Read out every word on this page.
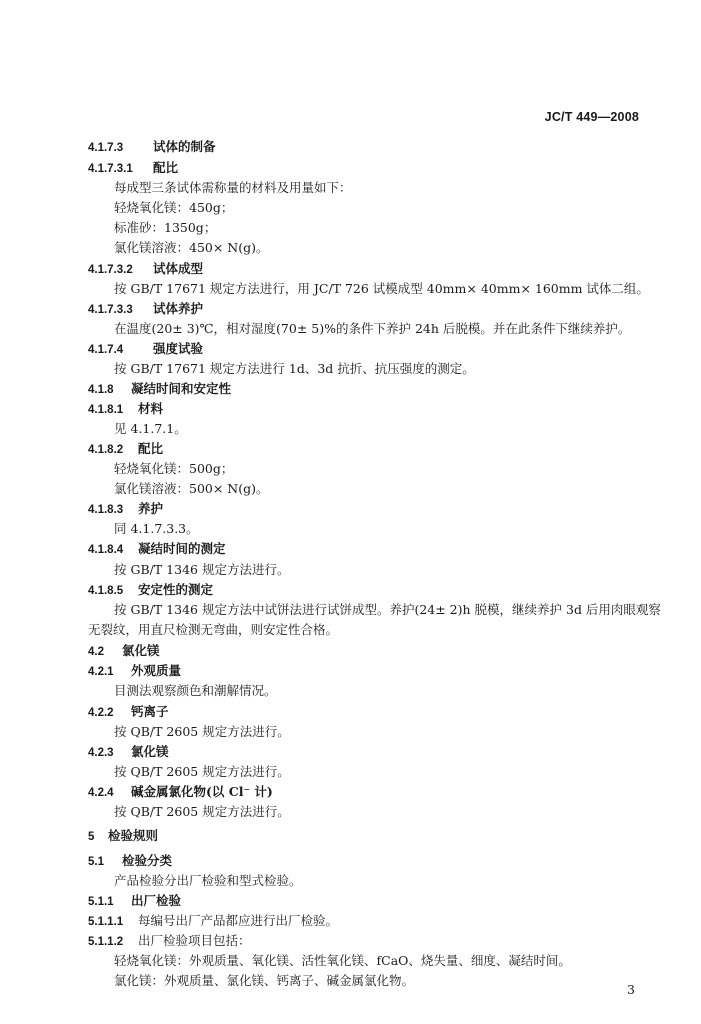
JC/T 449—2008
4.1.7.3 试体的制备
4.1.7.3.1 配比
每成型三条试体需称量的材料及用量如下：
轻烧氧化镁：450g；
标准砂：1350g；
氯化镁溶液：450× N(g)。
4.1.7.3.2 试体成型
按 GB/T 17671 规定方法进行，用 JC/T 726 试模成型 40mm× 40mm× 160mm 试体二组。
4.1.7.3.3 试体养护
在温度(20± 3)℃，相对湿度(70± 5)%的条件下养护 24h 后脱模。并在此条件下继续养护。
4.1.7.4 强度试验
按 GB/T 17671 规定方法进行 1d、3d 抗折、抗压强度的测定。
4.1.8 凝结时间和安定性
4.1.8.1 材料
见 4.1.7.1。
4.1.8.2 配比
轻烧氧化镁：500g；
氯化镁溶液：500× N(g)。
4.1.8.3 养护
同 4.1.7.3.3。
4.1.8.4 凝结时间的测定
按 GB/T 1346 规定方法进行。
4.1.8.5 安定性的测定
按 GB/T 1346 规定方法中试饼法进行试饼成型。养护(24± 2)h 脱模，继续养护 3d 后用肉眼观察
无裂纹，用直尺检测无弯曲，则安定性合格。
4.2 氯化镁
4.2.1 外观质量
目测法观察颜色和潮解情况。
4.2.2 钙离子
按 QB/T 2605 规定方法进行。
4.2.3 氯化镁
按 QB/T 2605 规定方法进行。
4.2.4 碱金属氯化物(以 Cl⁻ 计)
按 QB/T 2605 规定方法进行。
5 检验规则
5.1 检验分类
产品检验分出厂检验和型式检验。
5.1.1 出厂检验
5.1.1.1 每编号出厂产品都应进行出厂检验。
5.1.1.2 出厂检验项目包括：
轻烧氧化镁：外观质量、氧化镁、活性氧化镁、fCaO、烧失量、细度、凝结时间。
氯化镁：外观质量、氯化镁、钙离子、碱金属氯化物。
3
